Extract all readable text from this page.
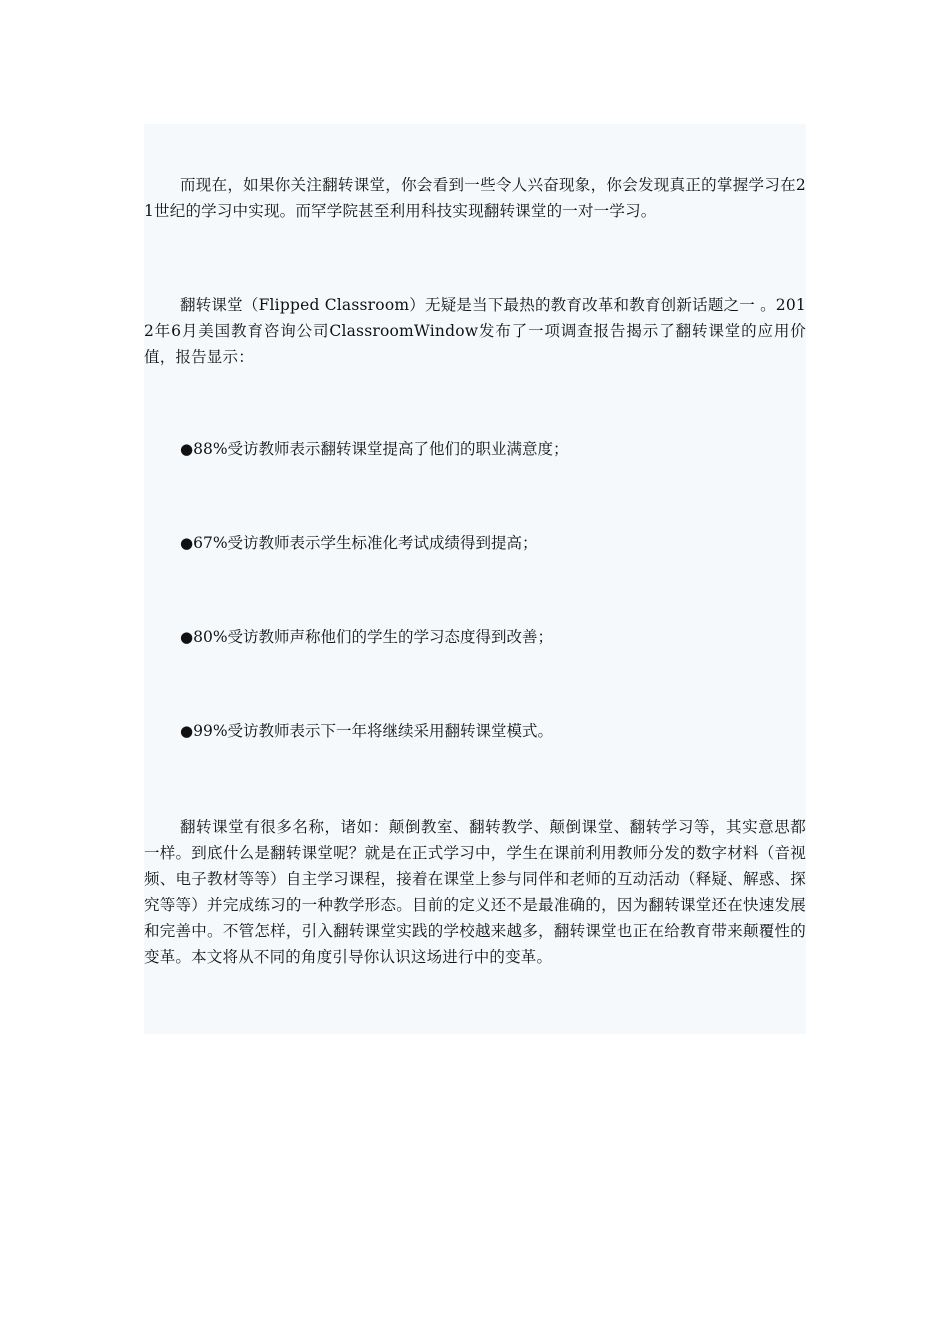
而现在，如果你关注翻转课堂，你会看到一些令人兴奋现象，你会发现真正的掌握学习在21世纪的学习中实现。而罕学院甚至利用科技实现翻转课堂的一对一学习。

翻转课堂（Flipped Classroom）无疑是当下最热的教育改革和教育创新话题之一 。2012年6月美国教育咨询公司ClassroomWindow发布了一项调查报告揭示了翻转课堂的应用价值，报告显示：

●88%受访教师表示翻转课堂提高了他们的职业满意度；

●67%受访教师表示学生标准化考试成绩得到提高；

●80%受访教师声称他们的学生的学习态度得到改善；

●99%受访教师表示下一年将继续采用翻转课堂模式。

翻转课堂有很多名称，诸如：颠倒教室、翻转教学、颠倒课堂、翻转学习等，其实意思都一样。到底什么是翻转课堂呢？就是在正式学习中，学生在课前利用教师分发的数字材料（音视频、电子教材等等）自主学习课程，接着在课堂上参与同伴和老师的互动活动（释疑、解惑、探究等等）并完成练习的一种教学形态。目前的定义还不是最准确的，因为翻转课堂还在快速发展和完善中。不管怎样，引入翻转课堂实践的学校越来越多，翻转课堂也正在给教育带来颠覆性的变革。本文将从不同的角度引导你认识这场进行中的变革。
